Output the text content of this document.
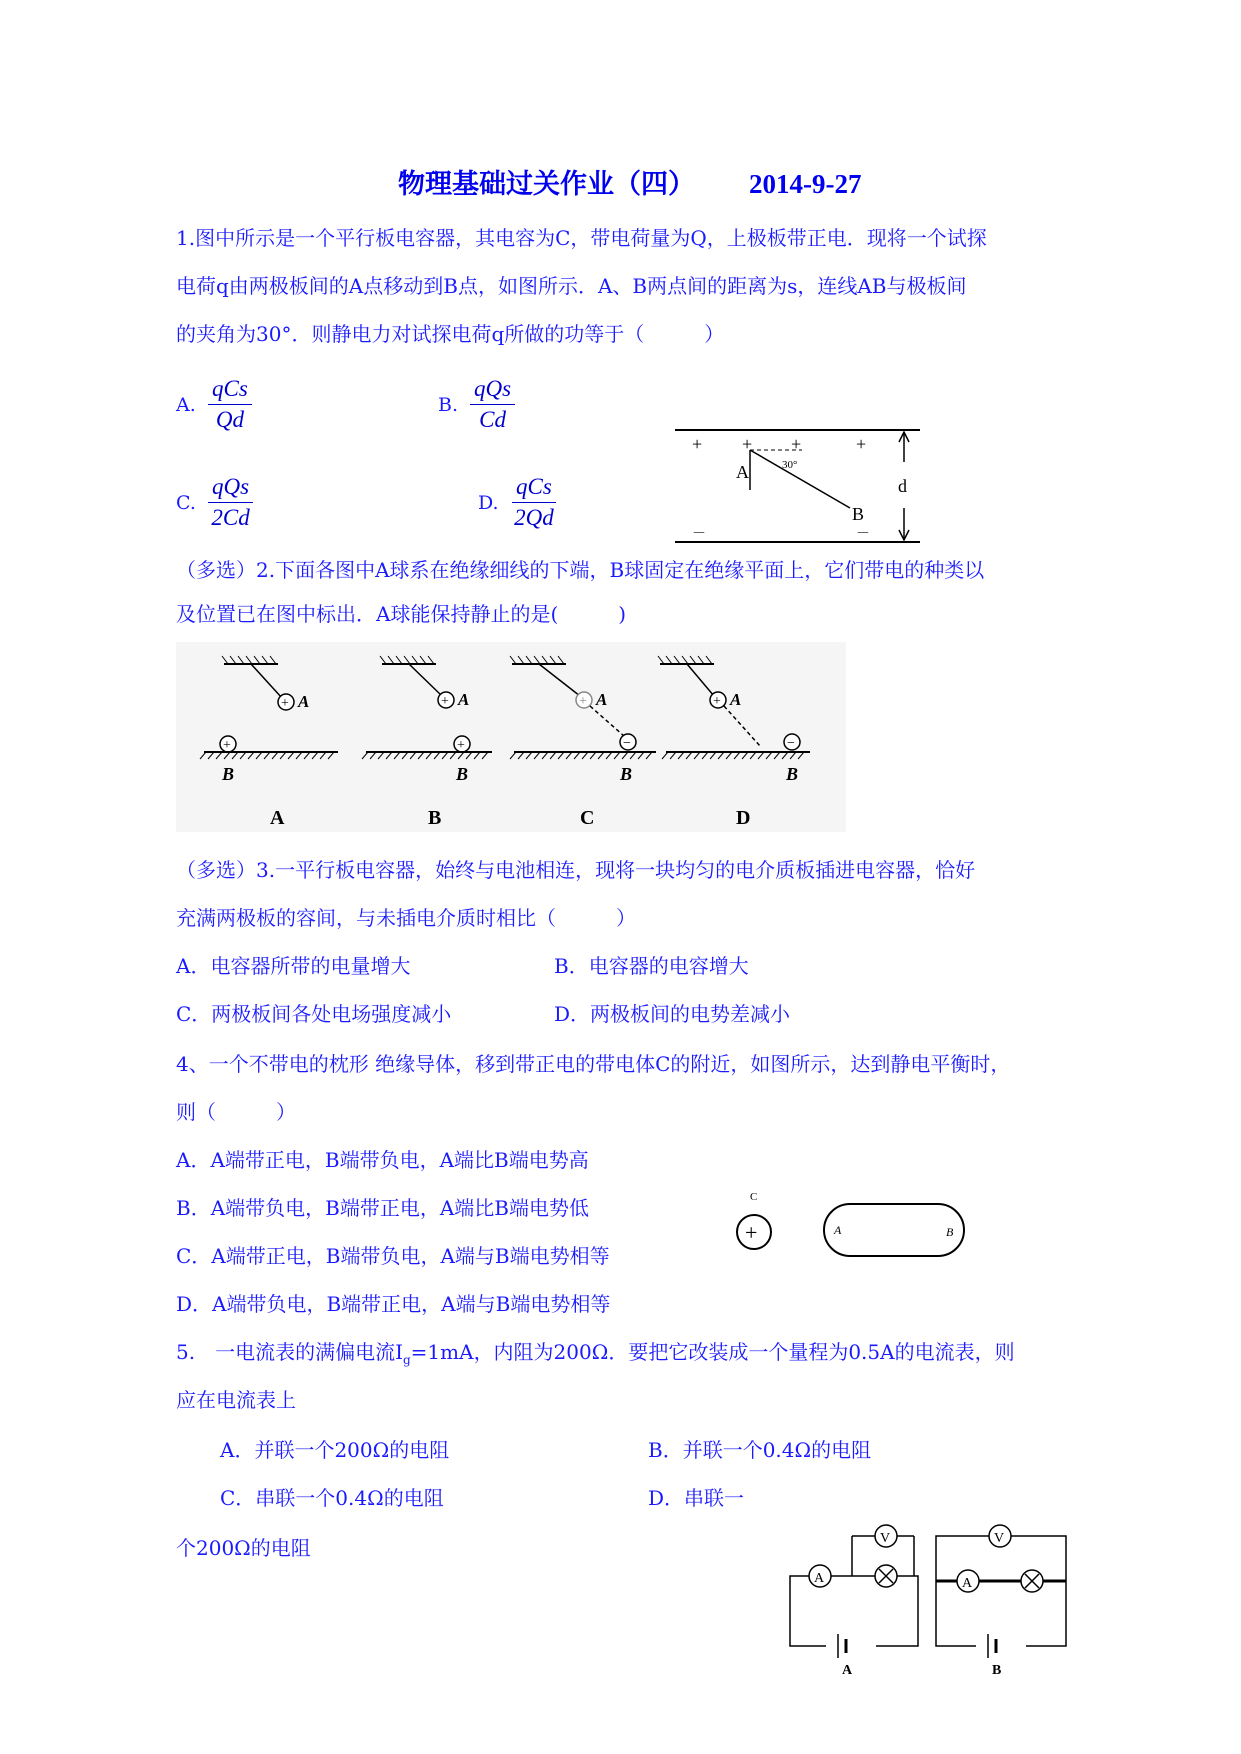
物理基础过关作业（四） 2014-9-27
1.图中所示是一个平行板电容器，其电容为C，带电荷量为Q，上极板带正电．现将一个试探
电荷q由两极板间的A点移动到B点，如图所示．A、B两点间的距离为s，连线AB与极板间
的夹角为30°．则静电力对试探电荷q所做的功等于（　　　）
A.
qCs
Qd
B.
qQs
Cd
C.
qQs
2Cd
D.
qCs
2Qd
+ + +	+
－	－
A	30°
B
d
（多选）2.下面各图中A球系在绝缘细线的下端，B球固定在绝缘平面上，它们带电的种类以
及位置已在图中标出．A球能保持静止的是(　　　)
+ A
+
B
A
+ A
+
B
B
+ A
−
B
C
+ A
−
B
D
（多选）3.一平行板电容器，始终与电池相连，现将一块均匀的电介质板插进电容器，恰好
充满两极板的容间，与未插电介质时相比（　　　）
A．电容器所带的电量增大	B．电容器的电容增大
C．两极板间各处电场强度减小	D．两极板间的电势差减小
4、一个不带电的枕形 绝缘导体，移到带正电的带电体C的附近，如图所示，达到静电平衡时，
则（　　　）
A．A端带正电，B端带负电，A端比B端电势高
B．A端带负电，B端带正电，A端比B端电势低
C．A端带正电，B端带负电，A端与B端电势相等
D．A端带负电，B端带正电，A端与B端电势相等
C
+	A	B
5.　一电流表的满偏电流$I_g=1mA$，内阻为200Ω．要把它改装成一个量程为0.5A的电流表，则
应在电流表上
A．并联一个200Ω的电阻	B．并联一个0.4Ω的电阻
C．串联一个0.4Ω的电阻	D．串联一
个200Ω的电阻
A
V
A
V
A
B
